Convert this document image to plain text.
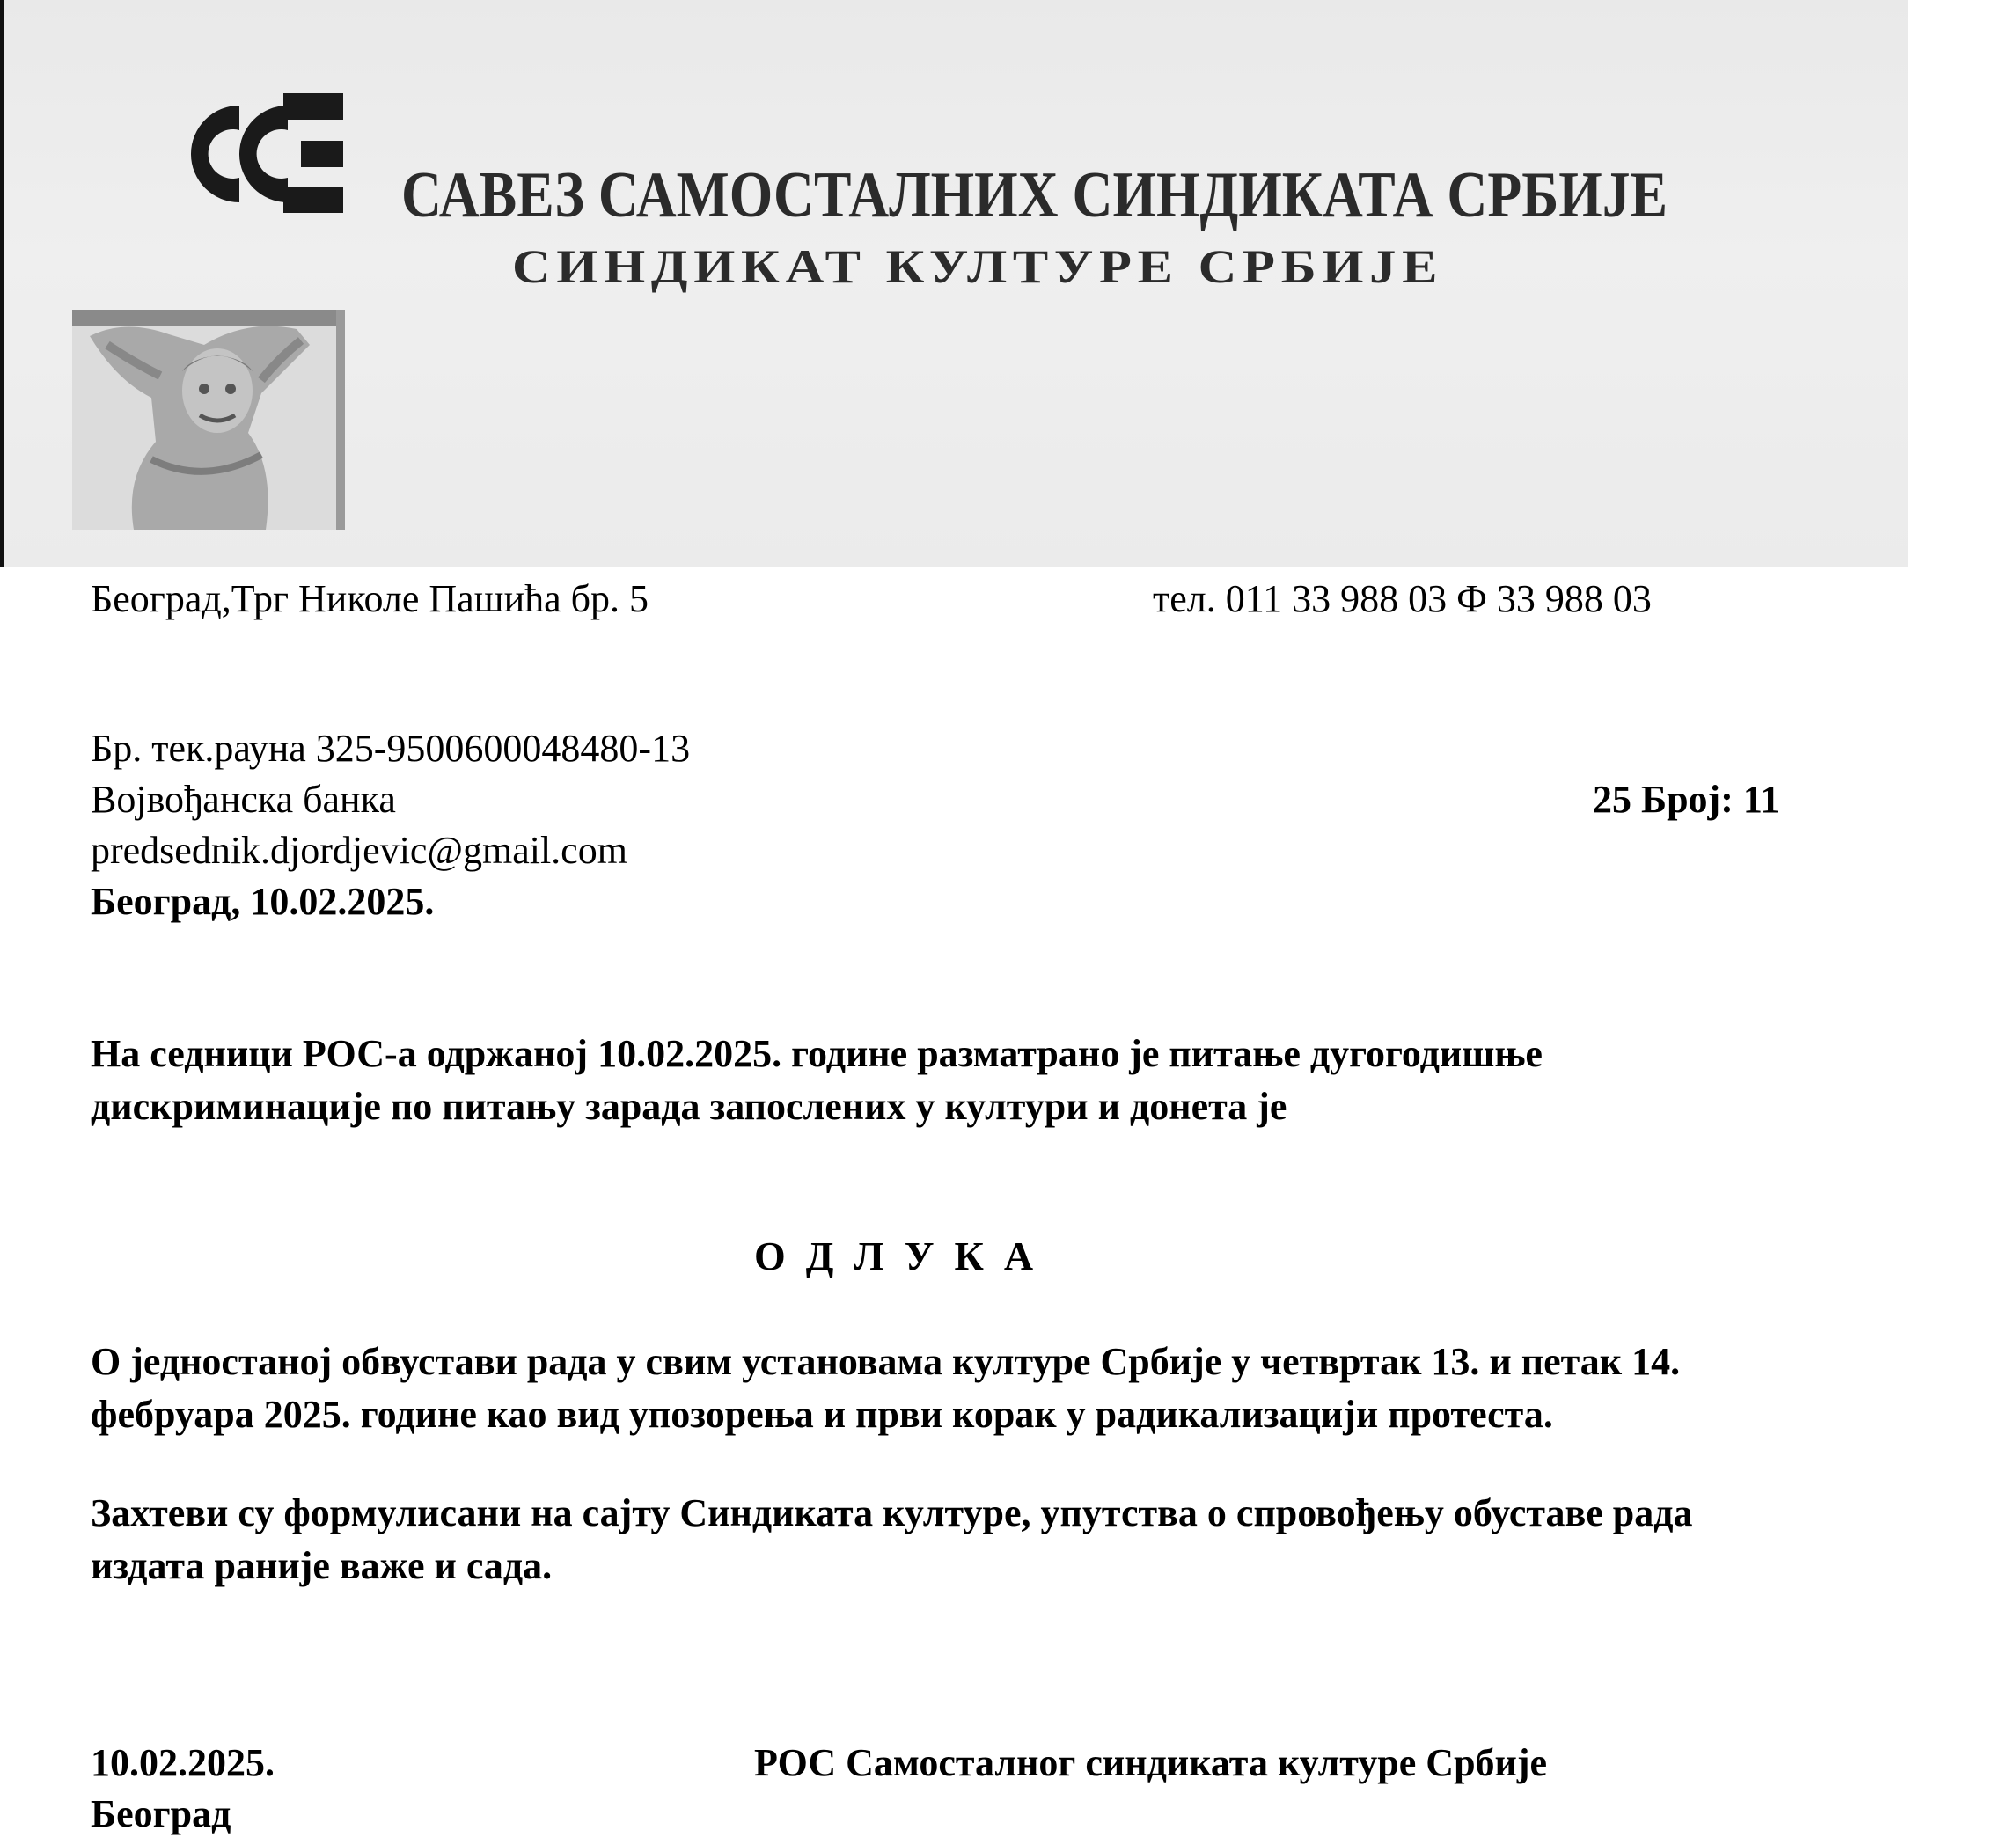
САВЕЗ САМОСТАЛНИХ СИНДИКАТА СРБИЈЕ
СИНДИКАТ КУЛТУРЕ СРБИЈЕ
Београд,Трг Николе Пашића бр. 5	тел. 011 33 988 03 Ф 33 988 03
Бр. тек.рауна 325-9500600048480-13
Војвођанска банка	25 Број: 11
predsednik.djordjevic@gmail.com
Београд, 10.02.2025.
На седници РОС-а одржаној 10.02.2025. године разматрано је питање дугогодишње
дискриминације по питању зарада запослених у култури и донета је
О  Д  Л  У  К  А
О једностаној обвустави рада у свим установама културе Србије у четвртак 13. и петак 14.
фебруара 2025. године као вид упозорења и први корак у радикализацији протеста.
Захтеви су формулисани на сајту Синдиката културе, упутства о спровођењу обуставе рада
издата раније важе и сада.
10.02.2025.
Београд
РОС Самосталног синдиката културе Србије
